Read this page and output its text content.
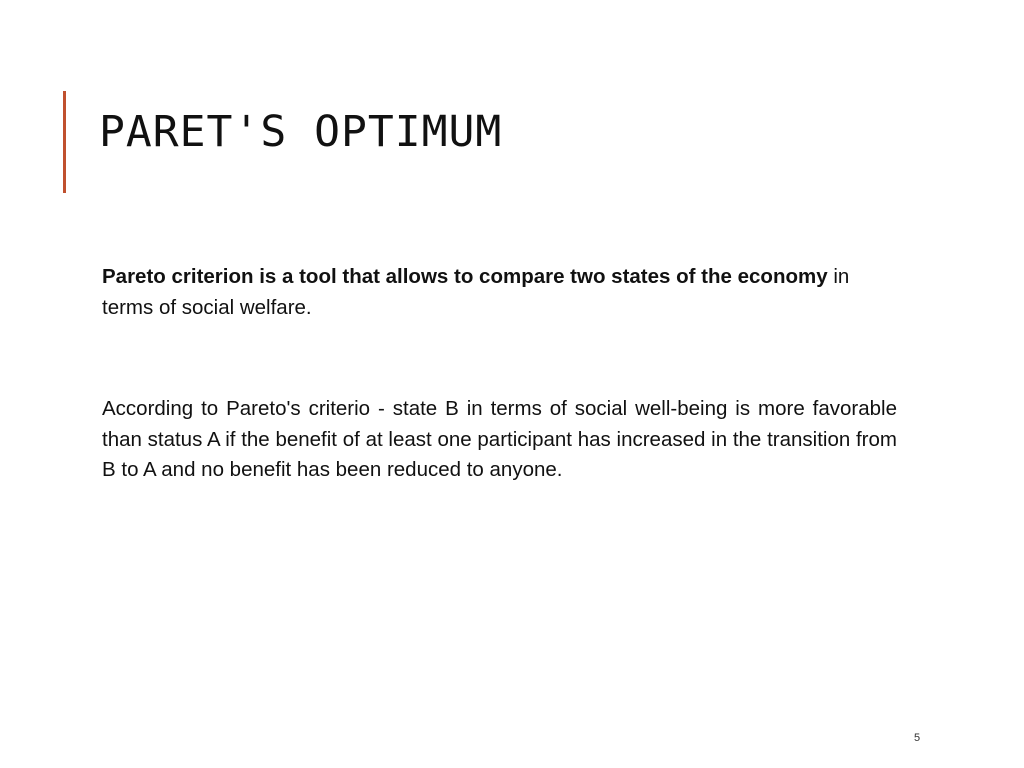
PARET'S OPTIMUM

Pareto criterion is a tool that allows to compare two states of the economy in terms of social welfare.

According to Pareto's criterio - state B in terms of social well-being is more favorable than status A if the benefit of at least one participant has increased in the transition from B to A and no benefit has been reduced to anyone.

5
